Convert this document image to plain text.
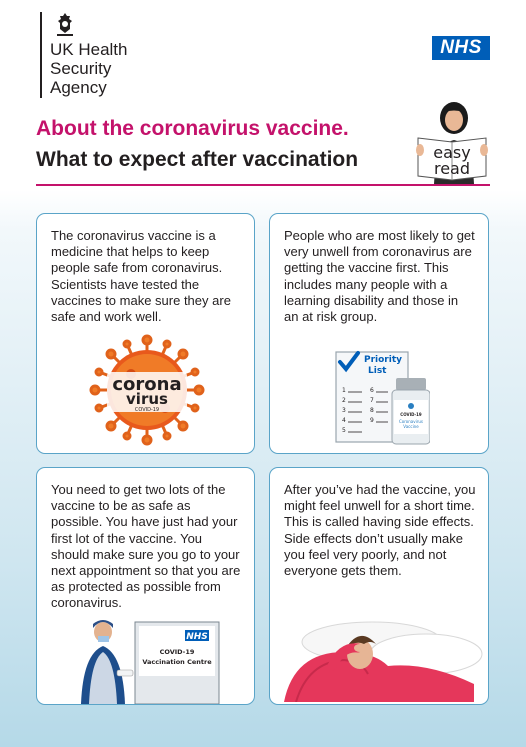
UK Health
Security
Agency
NHS
About the coronavirus vaccine.
What to expect after vaccination	easy
read

The coronavirus vaccine is a medicine that helps to keep people safe from coronavirus. Scientists have tested the vaccines to make sure they are safe and work well.

corona
virus
COVID-19

People who are most likely to get very unwell from coronavirus are getting the vaccine first. This includes many people with a learning disability and those in an at risk group.

Priority
List
1
2
3
4
5
6
7
8
9
COVID-19
Coronavirus
Vaccine

You need to get two lots of the vaccine to be as safe as possible. You have just had your first lot of the vaccine. You should make sure you go to your next appointment so that you are as protected as possible from coronavirus.

NHS
COVID-19
Vaccination Centre

After you’ve had the vaccine, you might feel unwell for a short time. This is called having side effects. Side effects don’t usually make you feel very poorly, and not everyone gets them.
